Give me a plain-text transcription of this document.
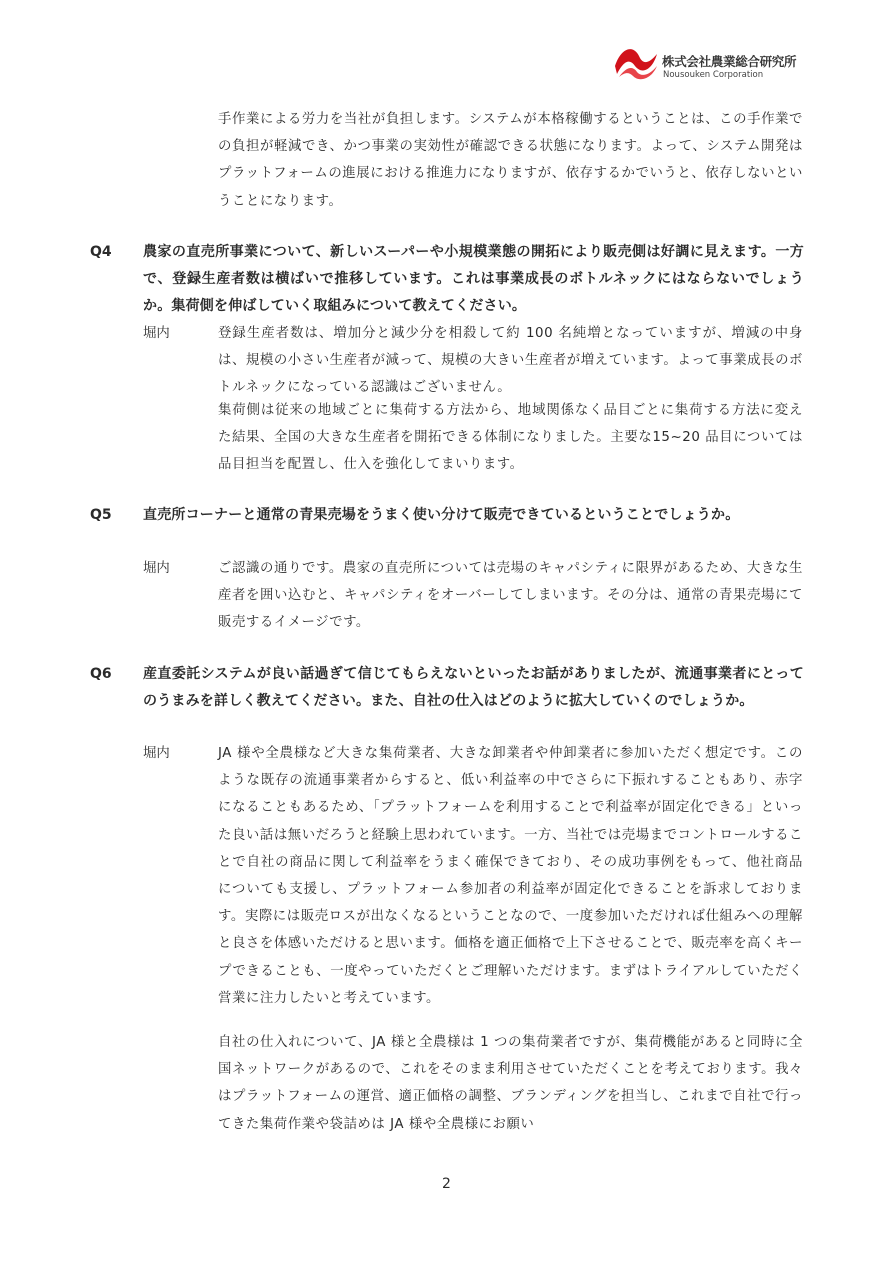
株式会社農業総合研究所
Nousouken Corporation

手作業による労力を当社が負担します。システムが本格稼働するということは、この手作業での負担が軽減でき、かつ事業の実効性が確認できる状態になります。よって、システム開発はプラットフォームの進展における推進力になりますが、依存するかでいうと、依存しないということになります。

Q4 農家の直売所事業について、新しいスーパーや小規模業態の開拓により販売側は好調に見えます。一方で、登録生産者数は横ばいで推移しています。これは事業成長のボトルネックにはならないでしょうか。集荷側を伸ばしていく取組みについて教えてください。

堀内	登録生産者数は、増加分と減少分を相殺して約 100 名純増となっていますが、増減の中身は、規模の小さい生産者が減って、規模の大きい生産者が増えています。よって事業成長のボトルネックになっている認識はございません。

集荷側は従来の地域ごとに集荷する方法から、地域関係なく品目ごとに集荷する方法に変えた結果、全国の大きな生産者を開拓できる体制になりました。主要な15~20 品目については品目担当を配置し、仕入を強化してまいります。

Q5 直売所コーナーと通常の青果売場をうまく使い分けて販売できているということでしょうか。

堀内	ご認識の通りです。農家の直売所については売場のキャパシティに限界があるため、大きな生産者を囲い込むと、キャパシティをオーバーしてしまいます。その分は、通常の青果売場にて販売するイメージです。

Q6 産直委託システムが良い話過ぎて信じてもらえないといったお話がありましたが、流通事業者にとってのうまみを詳しく教えてください。また、自社の仕入はどのように拡大していくのでしょうか。

堀内	JA 様や全農様など大きな集荷業者、大きな卸業者や仲卸業者に参加いただく想定です。このような既存の流通事業者からすると、低い利益率の中でさらに下振れすることもあり、赤字になることもあるため、「プラットフォームを利用することで利益率が固定化できる」といった良い話は無いだろうと経験上思われています。一方、当社では売場までコントロールすることで自社の商品に関して利益率をうまく確保できており、その成功事例をもって、他社商品についても支援し、プラットフォーム参加者の利益率が固定化できることを訴求しております。実際には販売ロスが出なくなるということなので、一度参加いただければ仕組みへの理解と良さを体感いただけると思います。価格を適正価格で上下させることで、販売率を高くキープできることも、一度やっていただくとご理解いただけます。まずはトライアルしていただく営業に注力したいと考えています。

自社の仕入れについて、JA 様と全農様は 1 つの集荷業者ですが、集荷機能があると同時に全国ネットワークがあるので、これをそのまま利用させていただくことを考えております。我々はプラットフォームの運営、適正価格の調整、ブランディングを担当し、これまで自社で行ってきた集荷作業や袋詰めは JA 様や全農様にお願い

2
